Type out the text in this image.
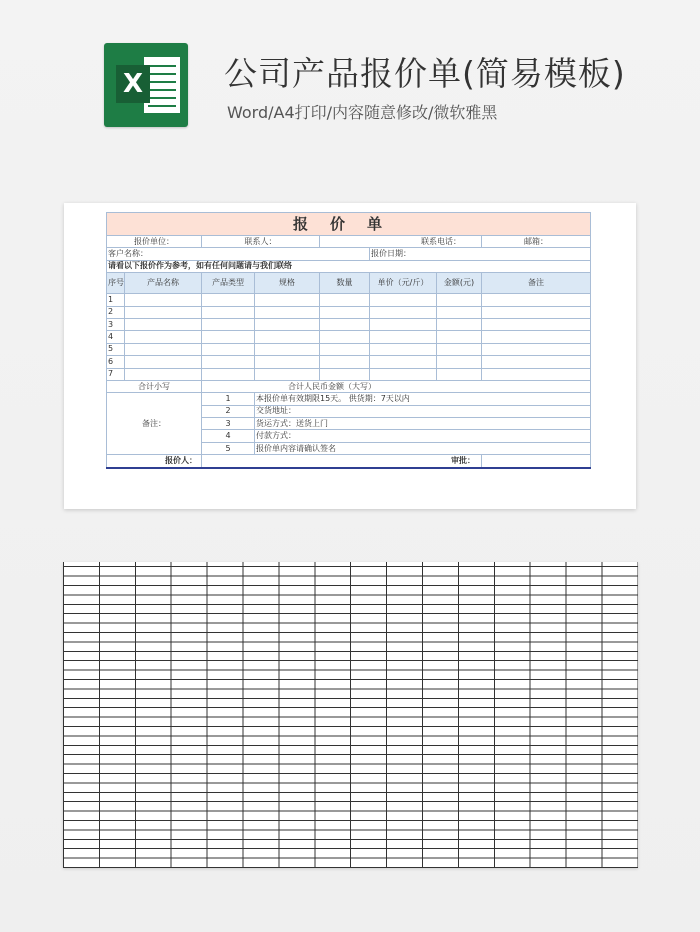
X 公司产品报价单(简易模板)
Word/A4打印/内容随意修改/微软雅黑
报价单							
报价单位：		联系人：		联系电话：			邮箱：
客户名称：					报价日期：		
请看以下报价作为参考，如有任何问题请与我们联络							
序号	产品名称	产品类型	规格	数量	单价（元/斤）	金额(元)	备注
1							
2							
3							
4							
5							
6							
7							
合计小写		合计人民币金额（大写）					
备注：		1	本报价单有效期限15天。 供货期：7天以内				
		2	交货地址：				
		3	货运方式：送货上门				
		4	付款方式：				
		5	报价单内容请确认签名				
报价人：		审批：					
